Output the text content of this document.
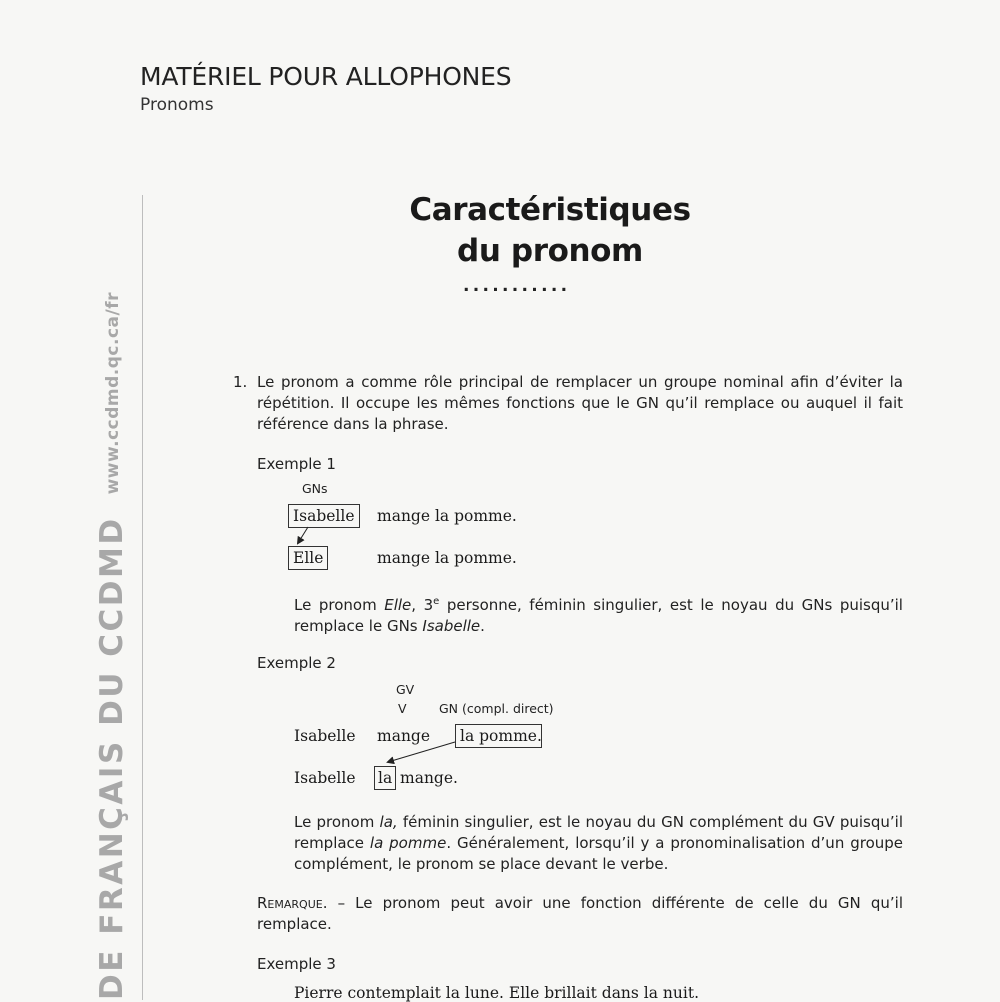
MATÉRIEL POUR ALLOPHONES
Pronoms
DE FRANÇAIS DU CCDMD
www.ccdmd.qc.ca/fr
Caractéristiques
du pronom
...........
1. Le pronom a comme rôle principal de remplacer un groupe nominal afin d’éviter la répétition. Il occupe les mêmes fonctions que le GN qu’il remplace ou auquel il fait référence dans la phrase.
Exemple 1
GNs
Isabelle	mange la pomme.
Elle	mange la pomme.
Le pronom Elle, 3e personne, féminin singulier, est le noyau du GNs puisqu’il remplace le GNs Isabelle.
Exemple 2
GV
V	GN (compl. direct)
Isabelle mange	la pomme .
Isabelle la mange.
Le pronom la, féminin singulier, est le noyau du GN complément du GV puisqu’il remplace la pomme. Généralement, lorsqu’il y a pronominalisation d’un groupe complément, le pronom se place devant le verbe.
Remarque. – Le pronom peut avoir une fonction différente de celle du GN qu’il remplace.
Exemple 3
Pierre contemplait la lune. Elle brillait dans la nuit.
